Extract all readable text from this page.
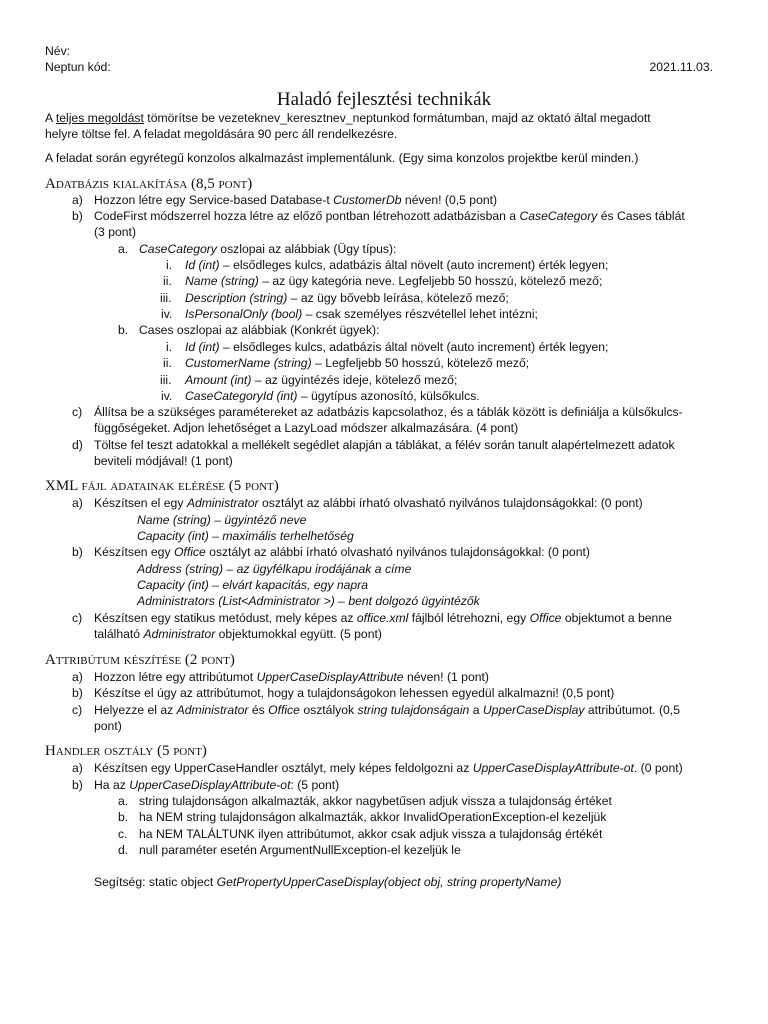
Név:
Neptun kód:	2021.11.03.
Haladó fejlesztési technikák
A teljes megoldást tömörítse be vezeteknev_keresztnev_neptunkod formátumban, majd az oktató által megadott
helyre töltse fel. A feladat megoldására 90 perc áll rendelkezésre.
A feladat során egyrétegű konzolos alkalmazást implementálunk. (Egy sima konzolos projektbe kerül minden.)
Adatbázis kialakítása (8,5 pont)
a) Hozzon létre egy Service-based Database-t CustomerDb néven! (0,5 pont)
b) CodeFirst módszerrel hozza létre az előző pontban létrehozott adatbázisban a CaseCategory és Cases táblát
(3 pont)
a. CaseCategory oszlopai az alábbiak (Ügy típus):
i. Id (int) – elsődleges kulcs, adatbázis által növelt (auto increment) érték legyen;
ii. Name (string) – az ügy kategória neve. Legfeljebb 50 hosszú, kötelező mező;
iii. Description (string) – az ügy bővebb leírása, kötelező mező;
iv. IsPersonalOnly (bool) – csak személyes részvétellel lehet intézni;
b. Cases oszlopai az alábbiak (Konkrét ügyek):
i. Id (int) – elsődleges kulcs, adatbázis által növelt (auto increment) érték legyen;
ii. CustomerName (string) – Legfeljebb 50 hosszú, kötelező mező;
iii. Amount (int) – az ügyintézés ideje, kötelező mező;
iv. CaseCategoryId (int) – ügytípus azonosító, külsőkulcs.
c) Állítsa be a szükséges paramétereket az adatbázis kapcsolathoz, és a táblák között is definiálja a külsőkulcs-
függőségeket. Adjon lehetőséget a LazyLoad módszer alkalmazására. (4 pont)
d) Töltse fel teszt adatokkal a mellékelt segédlet alapján a táblákat, a félév során tanult alapértelmezett adatok
beviteli módjával! (1 pont)
XML fájl adatainak elérése (5 pont)
a) Készítsen el egy Administrator osztályt az alábbi írható olvasható nyilvános tulajdonságokkal: (0 pont)
Name (string) – ügyintéző neve
Capacity (int) – maximális terhelhetőség
b) Készítsen egy Office osztályt az alábbi írható olvasható nyilvános tulajdonságokkal: (0 pont)
Address (string) – az ügyfélkapu irodájának a címe
Capacity (int) – elvárt kapacitás, egy napra
Administrators (List<Administrator >) – bent dolgozó ügyintézők
c) Készítsen egy statikus metódust, mely képes az office.xml fájlból létrehozni, egy Office objektumot a benne
található Administrator objektumokkal együtt. (5 pont)
Attribútum készítése (2 pont)
a) Hozzon létre egy attribútumot UpperCaseDisplayAttribute néven! (1 pont)
b) Készítse el úgy az attribútumot, hogy a tulajdonságokon lehessen egyedül alkalmazni! (0,5 pont)
c) Helyezze el az Administrator és Office osztályok string tulajdonságain a UpperCaseDisplay attribútumot. (0,5
pont)
Handler osztály (5 pont)
a) Készítsen egy UpperCaseHandler osztályt, mely képes feldolgozni az UpperCaseDisplayAttribute-ot. (0 pont)
b) Ha az UpperCaseDisplayAttribute-ot: (5 pont)
a. string tulajdonságon alkalmazták, akkor nagybetűsen adjuk vissza a tulajdonság értéket
b. ha NEM string tulajdonságon alkalmazták, akkor InvalidOperationException-el kezeljük
c. ha NEM TALÁLTUNK ilyen attribútumot, akkor csak adjuk vissza a tulajdonság értékét
d. null paraméter esetén ArgumentNullException-el kezeljük le
Segítség: static object GetPropertyUpperCaseDisplay(object obj, string propertyName)
